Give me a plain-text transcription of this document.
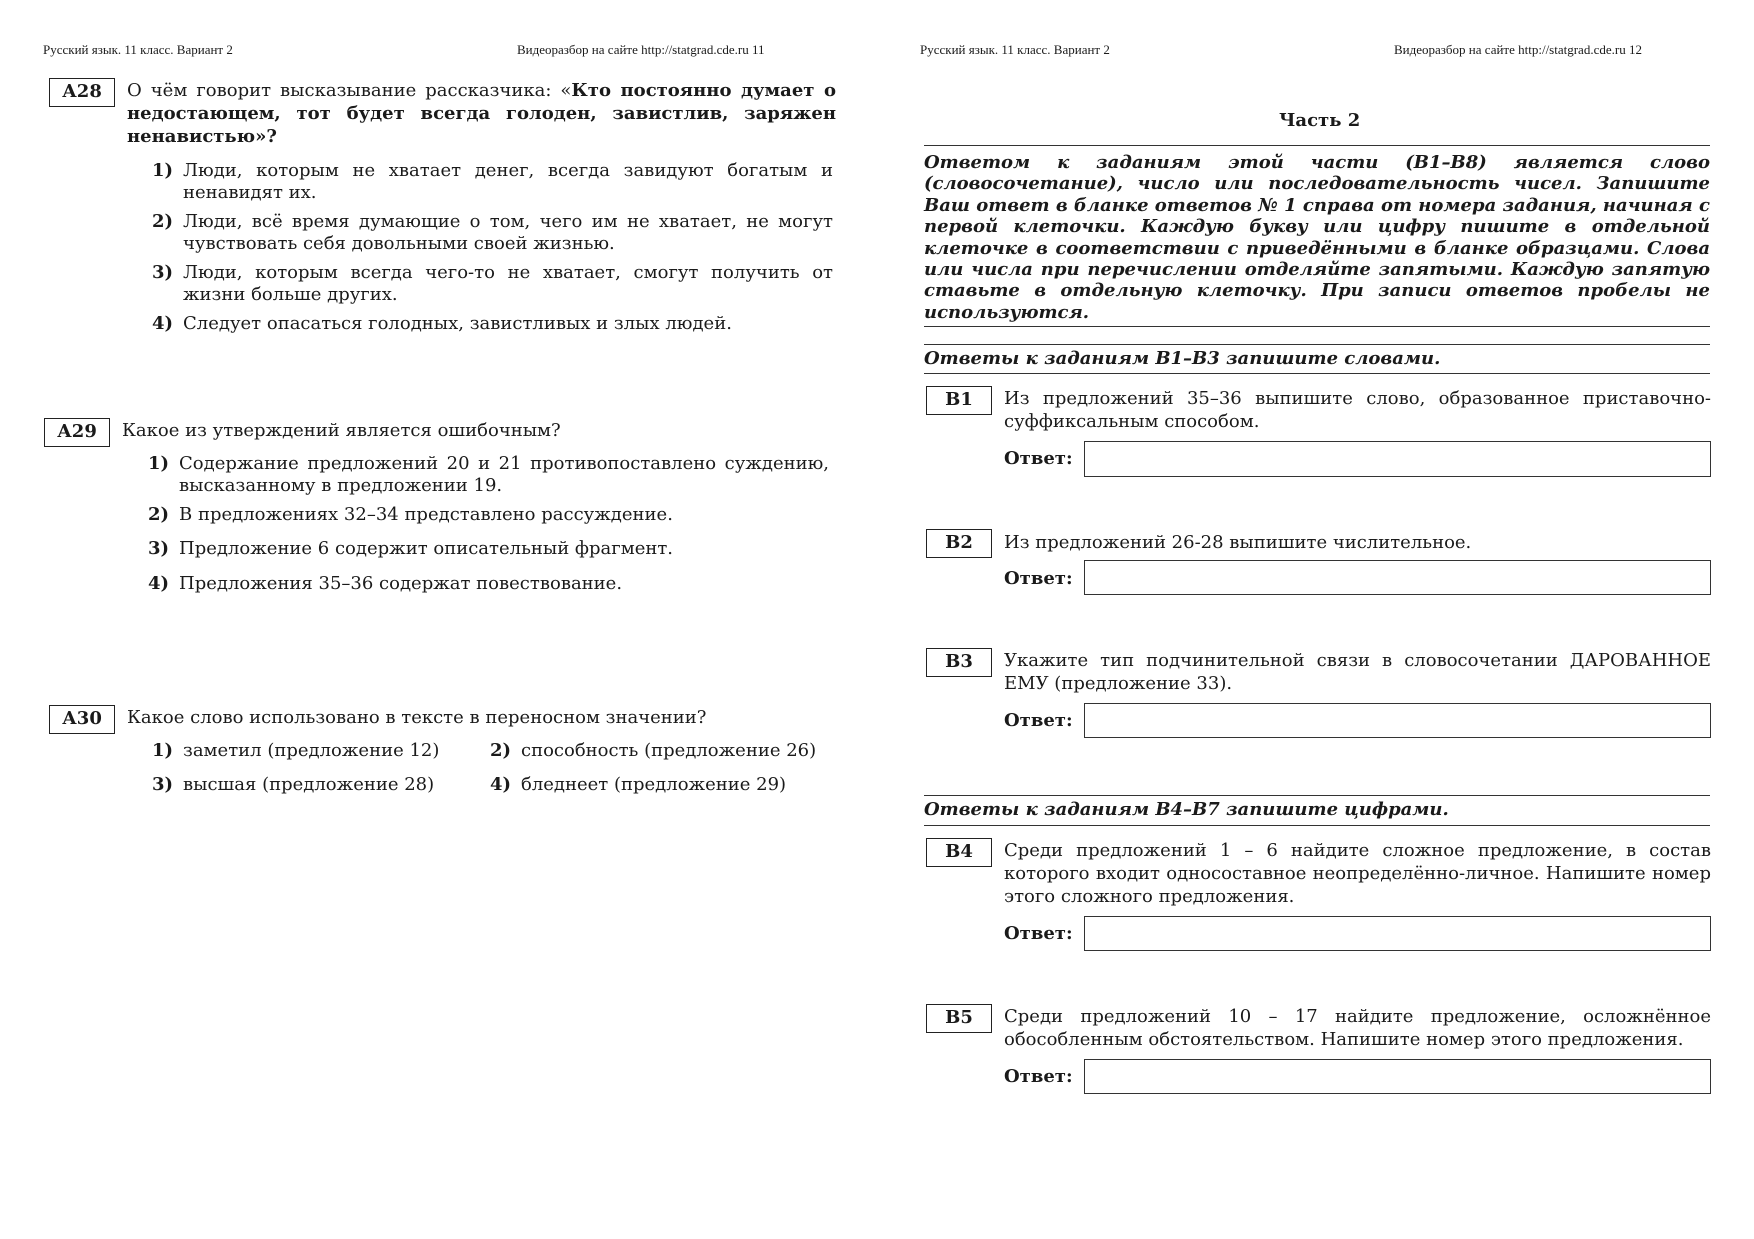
Русский язык. 11 класс. Вариант 2	Видеоразбор на сайте http://statgrad.cde.ru 11
А28	О чём говорит высказывание рассказчика: «Кто постоянно думает о недостающем, тот будет всегда голоден, завистлив, заряжен ненавистью»?
1) Люди, которым не хватает денег, всегда завидуют богатым и ненавидят их.
2) Люди, всё время думающие о том, чего им не хватает, не могут чувствовать себя довольными своей жизнью.
3) Люди, которым всегда чего-то не хватает, смогут получить от жизни больше других.
4) Следует опасаться голодных, завистливых и злых людей.
А29	Какое из утверждений является ошибочным?
1) Содержание предложений 20 и 21 противопоставлено суждению, высказанному в предложении 19.
2) В предложениях 32–34 представлено рассуждение.
3) Предложение 6 содержит описательный фрагмент.
4) Предложения 35–36 содержат повествование.
А30	Какое слово использовано в тексте в переносном значении?
1) заметил (предложение 12)	2) способность (предложение 26)
3) высшая (предложение 28)	4) бледнеет (предложение 29)
Русский язык. 11 класс. Вариант 2	Видеоразбор на сайте http://statgrad.cde.ru 12
Часть 2
Ответом к заданиям этой части (В1–В8) является слово (словосочетание), число или последовательность чисел. Запишите Ваш ответ в бланке ответов № 1 справа от номера задания, начиная с первой клеточки. Каждую букву или цифру пишите в отдельной клеточке в соответствии с приведёнными в бланке образцами. Слова или числа при перечислении отделяйте запятыми. Каждую запятую ставьте в отдельную клеточку. При записи ответов пробелы не используются.
Ответы к заданиям В1–В3 запишите словами.
В1	Из предложений 35–36 выпишите слово, образованное приставочно-суффиксальным способом.
Ответ:
В2	Из предложений 26-28 выпишите числительное.
Ответ:
В3	Укажите тип подчинительной связи в словосочетании ДАРОВАННОЕ ЕМУ (предложение 33).
Ответ:
Ответы к заданиям В4–В7 запишите цифрами.
В4	Среди предложений 1 – 6 найдите сложное предложение, в состав которого входит односоставное неопределённо-личное. Напишите номер этого сложного предложения.
Ответ:
В5	Среди предложений 10 – 17 найдите предложение, осложнённое обособленным обстоятельством. Напишите номер этого предложения.
Ответ:
